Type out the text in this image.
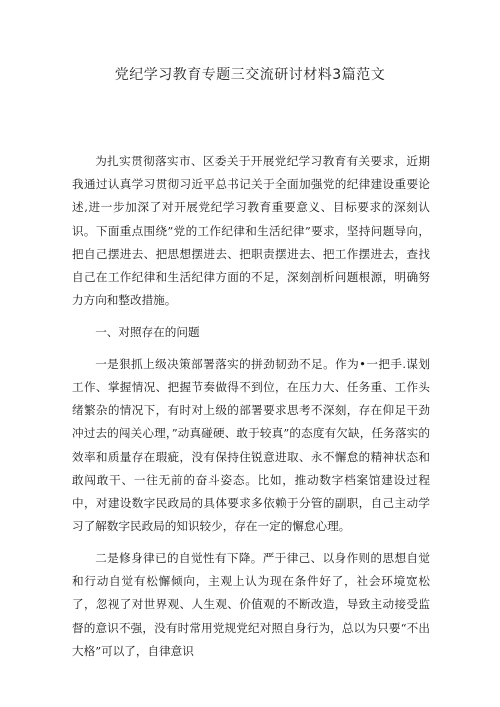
党纪学习教育专题三交流研讨材料3篇范文

为扎实贯彻落实市、区委关于开展党纪学习教育有关要求，近期我通过认真学习贯彻习近平总书记关于全面加强党的纪律建设重要论述,进一步加深了对开展党纪学习教育重要意义、目标要求的深刻认识。下面重点围绕”党的工作纪律和生活纪律”要求，坚持问题导向，把自己摆进去、把思想摆进去、把职责摆进去、把工作摆进去，查找自己在工作纪律和生活纪律方面的不足，深刻剖析问题根源，明确努力方向和整改措施。

一、对照存在的问题

一是狠抓上级决策部署落实的拼劲韧劲不足。作为•一把手.谋划工作、掌握情况、把握节奏做得不到位，在压力大、任务重、工作头绪繁杂的情况下，有时对上级的部署要求思考不深刻，存在仰足干劲冲过去的闯关心理，”动真碰硬、敢于较真”的态度有欠缺，任务落实的效率和质量存在瑕疵，没有保持住锐意进取、永不懈怠的精神状态和敢闯敢干、一往无前的奋斗姿态。比如，推动数字档案馆建设过程中，对建设数字民政局的具体要求多依赖于分管的副职，自己主动学习了解数字民政局的知识较少，存在一定的懈怠心理。

二是修身律已的自觉性有下降。严于律己、以身作则的思想自觉和行动自觉有松懈倾向，主观上认为现在条件好了，社会环境宽松了，忽视了对世界观、人生观、价值观的不断改造，导致主动接受监督的意识不强，没有时常用党规党纪对照自身行为，总以为只要“不出大格”可以了，自律意识
